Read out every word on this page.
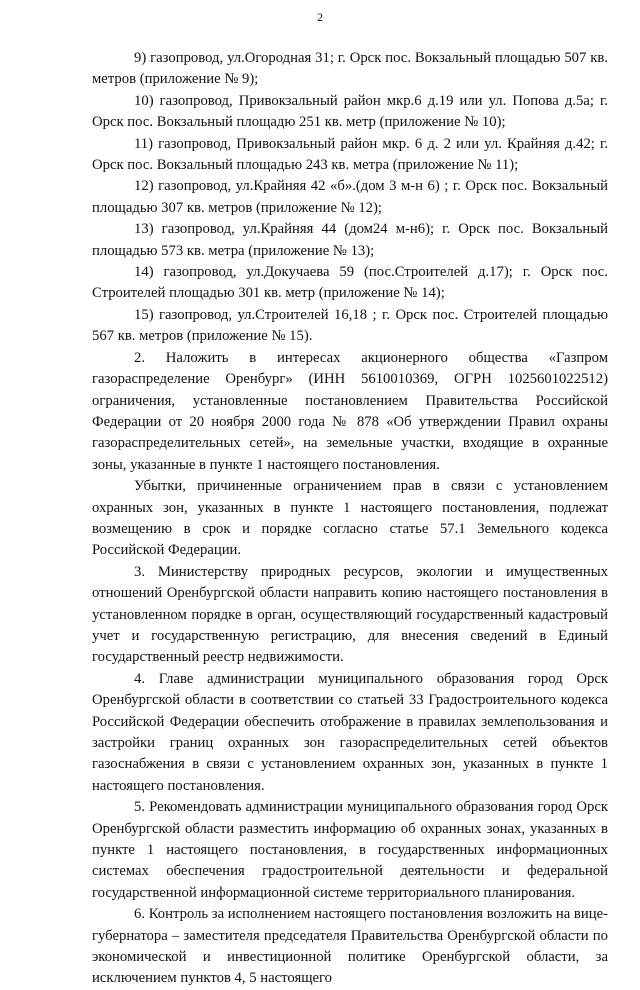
2

9) газопровод, ул.Огородная 31; г. Орск пос. Вокзальный площадью 507 кв. метров (приложение № 9);

10) газопровод, Привокзальный район мкр.6 д.19 или ул. Попова д.5а; г. Орск пос. Вокзальный площадю 251 кв. метр (приложение № 10);

11) газопровод, Привокзальный район мкр. 6 д. 2 или ул. Крайняя д.42; г. Орск пос. Вокзальный площадью 243 кв. метра (приложение № 11);

12) газопровод, ул.Крайняя 42 «б».(дом 3 м-н 6) ; г. Орск пос. Вокзальный площадью 307 кв. метров (приложение № 12);

13) газопровод, ул.Крайняя 44 (дом24 м-н6); г. Орск пос. Вокзальный площадью 573 кв. метра (приложение № 13);

14) газопровод, ул.Докучаева 59 (пос.Строителей д.17); г. Орск пос. Строителей площадью 301 кв. метр (приложение № 14);

15) газопровод, ул.Строителей 16,18 ; г. Орск пос. Строителей площадью 567 кв. метров (приложение № 15).

2. Наложить в интересах акционерного общества «Газпром газораспределение Оренбург» (ИНН 5610010369, ОГРН 1025601022512) ограничения, установленные постановлением Правительства Российской Федерации от 20 ноября 2000 года № 878 «Об утверждении Правил охраны газораспределительных сетей», на земельные участки, входящие в охранные зоны, указанные в пункте 1 настоящего постановления.

Убытки, причиненные ограничением прав в связи с установлением охранных зон, указанных в пункте 1 настоящего постановления, подлежат возмещению в срок и порядке согласно статье 57.1 Земельного кодекса Российской Федерации.

3. Министерству природных ресурсов, экологии и имущественных отношений Оренбургской области направить копию настоящего постановления в установленном порядке в орган, осуществляющий государственный кадастровый учет и государственную регистрацию, для внесения сведений в Единый государственный реестр недвижимости.

4. Главе администрации муниципального образования город Орск Оренбургской области в соответствии со статьей 33 Градостроительного кодекса Российской Федерации обеспечить отображение в правилах землепользования и застройки границ охранных зон газораспределительных сетей объектов газоснабжения в связи с установлением охранных зон, указанных в пункте 1 настоящего постановления.

5. Рекомендовать администрации муниципального образования город Орск Оренбургской области разместить информацию об охранных зонах, указанных в пункте 1 настоящего постановления, в государственных информационных системах обеспечения градостроительной деятельности и федеральной государственной информационной системе территориального планирования.

6. Контроль за исполнением настоящего постановления возложить на вице-губернатора – заместителя председателя Правительства Оренбургской области по экономической и инвестиционной политике Оренбургской области, за исключением пунктов 4, 5 настоящего
